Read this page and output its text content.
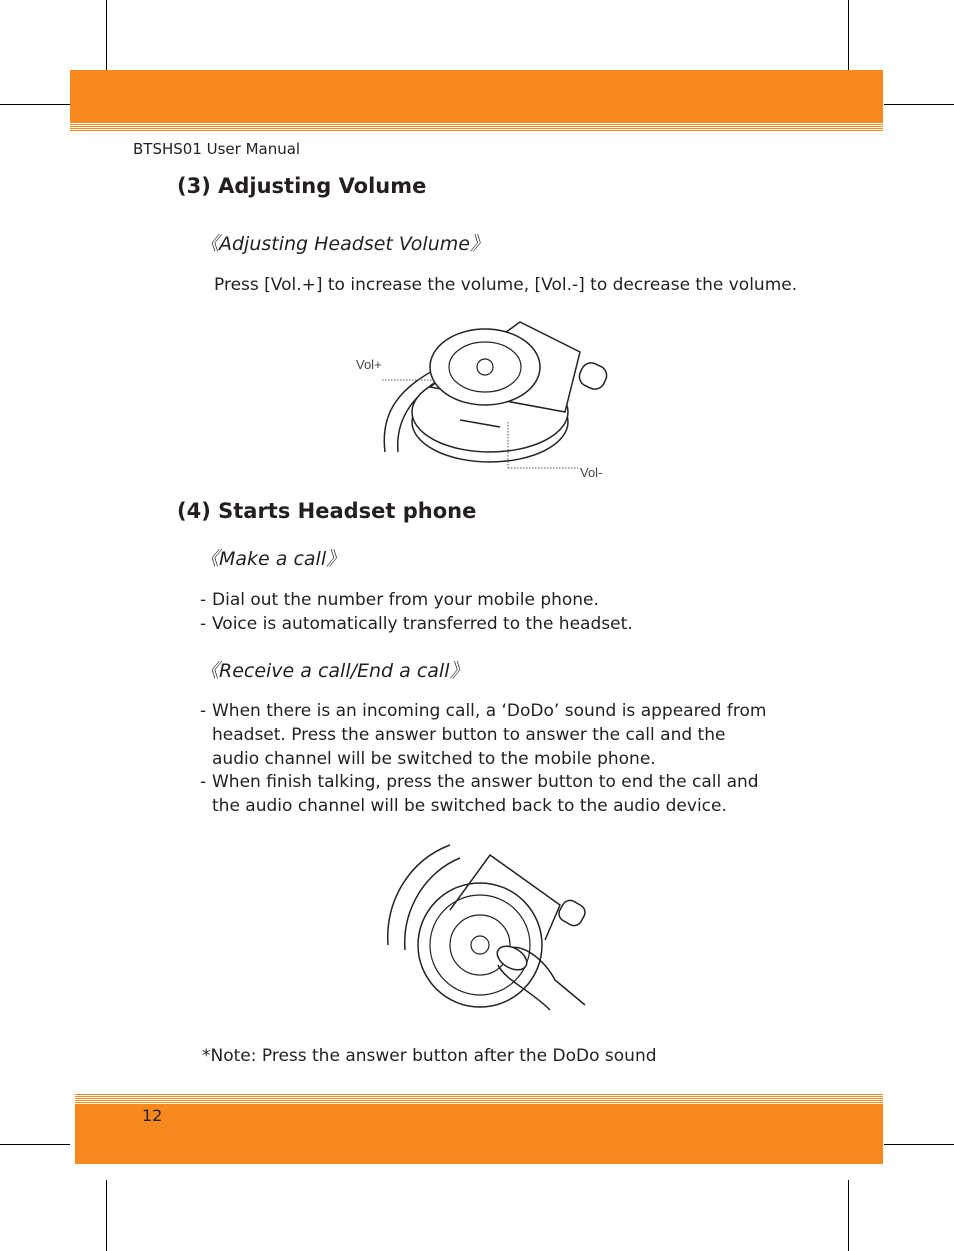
BTSHS01 User Manual
(3) Adjusting Volume
《Adjusting Headset Volume》
Press [Vol.+] to increase the volume, [Vol.-] to decrease the volume.
Vol+
Vol-
(4) Starts Headset phone
《Make a call》
- Dial out the number from your mobile phone.
- Voice is automatically transferred to the headset.
《Receive a call/End a call》
- When there is an incoming call, a ‘DoDo’ sound is appeared from headset. Press the answer button to answer the call and the audio channel will be switched to the mobile phone.
- When finish talking, press the answer button to end the call and the audio channel will be switched back to the audio device.
*Note: Press the answer button after the DoDo sound
12
